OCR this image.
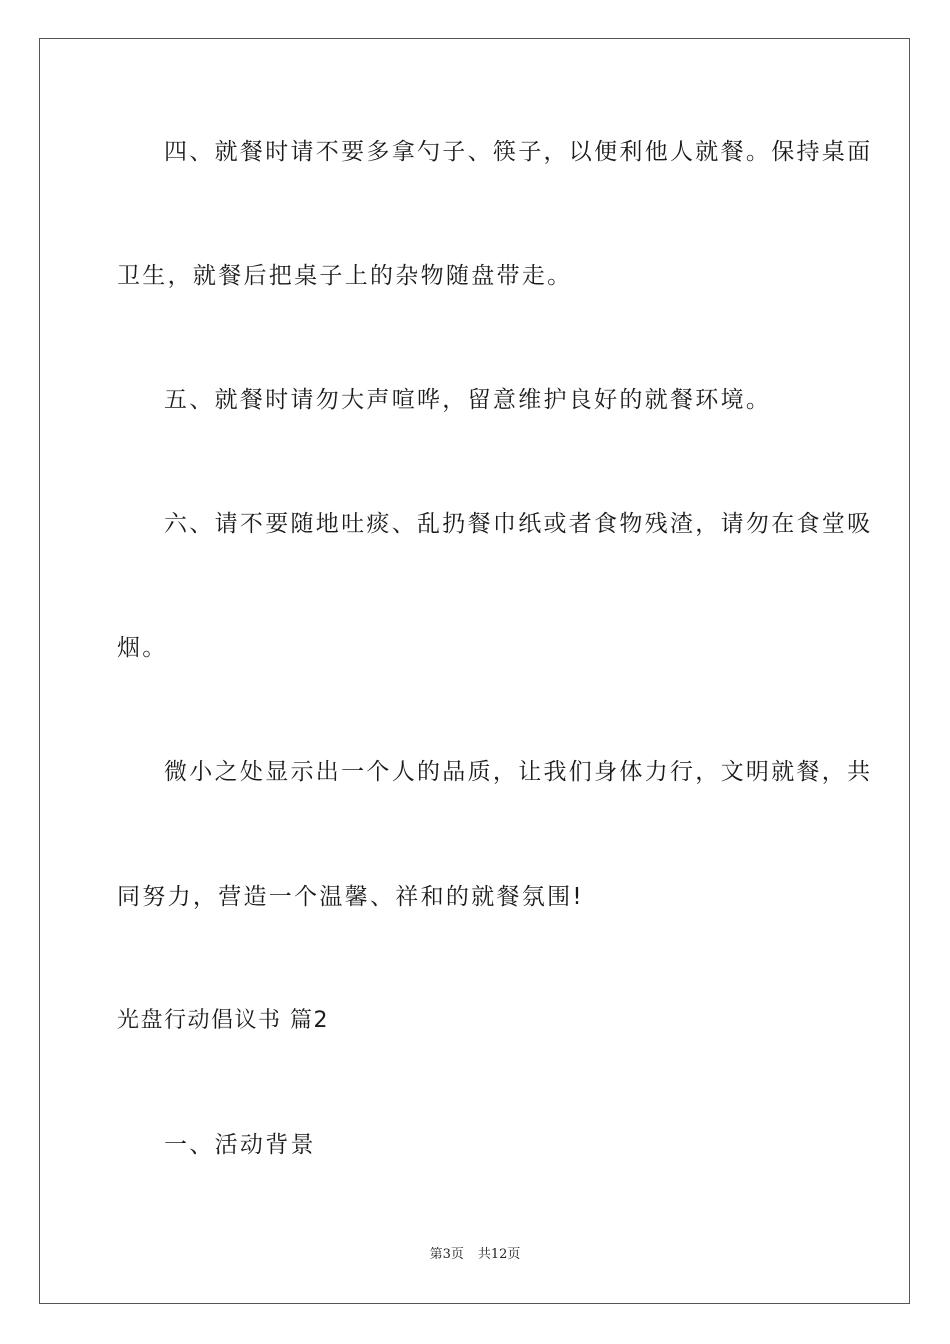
四、就餐时请不要多拿勺子、筷子，以便利他人就餐。保持桌面
卫生，就餐后把桌子上的杂物随盘带走。
五、就餐时请勿大声喧哗，留意维护良好的就餐环境。
六、请不要随地吐痰、乱扔餐巾纸或者食物残渣，请勿在食堂吸
烟。
微小之处显示出一个人的品质，让我们身体力行，文明就餐，共
同努力，营造一个温馨、祥和的就餐氛围!
光盘行动倡议书 篇2
一、活动背景
第3页 共12页
